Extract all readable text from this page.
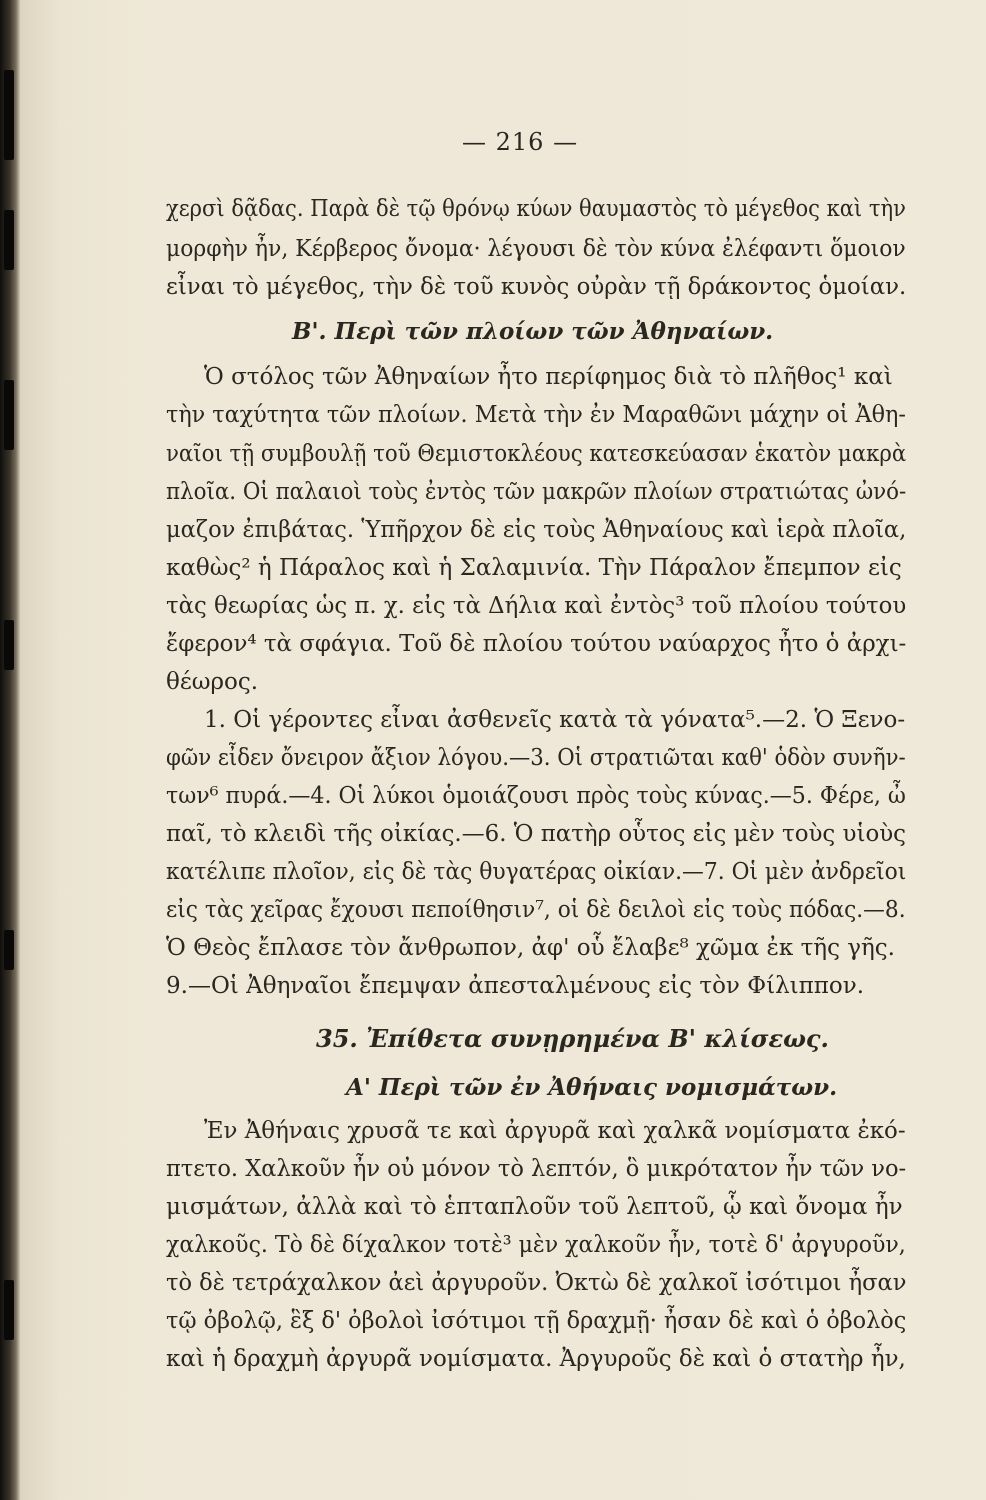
— 216 —
χερσὶ δᾷδας. Παρὰ δὲ τῷ θρόνῳ κύων θαυμαστὸς τὸ μέγεθος καὶ τὴν
μορφὴν ἦν, Κέρβερος ὄνομα· λέγουσι δὲ τὸν κύνα ἐλέφαντι ὅμοιον
εἶναι τὸ μέγεθος, τὴν δὲ τοῦ κυνὸς οὐρὰν τῇ δράκοντος ὁμοίαν.
Β'. Περὶ τῶν πλοίων τῶν Ἀθηναίων.
Ὁ στόλος τῶν Ἀθηναίων ἦτο περίφημος διὰ τὸ πλῆθος¹ καὶ
τὴν ταχύτητα τῶν πλοίων. Μετὰ τὴν ἐν Μαραθῶνι μάχην οἱ Ἀθη-
ναῖοι τῇ συμβουλῇ τοῦ Θεμιστοκλέους κατεσκεύασαν ἑκατὸν μακρὰ
πλοῖα. Οἱ παλαιοὶ τοὺς ἐντὸς τῶν μακρῶν πλοίων στρατιώτας ὠνό-
μαζον ἐπιβάτας. Ὑπῆρχον δὲ εἰς τοὺς Ἀθηναίους καὶ ἱερὰ πλοῖα,
καθὼς² ἡ Πάραλος καὶ ἡ Σαλαμινία. Τὴν Πάραλον ἔπεμπον εἰς
τὰς θεωρίας ὡς π. χ. εἰς τὰ Δήλια καὶ ἐντὸς³ τοῦ πλοίου τούτου
ἔφερον⁴ τὰ σφάγια. Τοῦ δὲ πλοίου τούτου ναύαρχος ἦτο ὁ ἀρχι-
θέωρος.
1. Οἱ γέροντες εἶναι ἀσθενεῖς κατὰ τὰ γόνατα⁵.—2. Ὁ Ξενο-
φῶν εἶδεν ὄνειρον ἄξιον λόγου.—3. Οἱ στρατιῶται καθ' ὁδὸν συνῆν-
των⁶ πυρά.—4. Οἱ λύκοι ὁμοιάζουσι πρὸς τοὺς κύνας.—5. Φέρε, ὦ
παῖ, τὸ κλειδὶ τῆς οἰκίας.—6. Ὁ πατὴρ οὗτος εἰς μὲν τοὺς υἱοὺς
κατέλιπε πλοῖον, εἰς δὲ τὰς θυγατέρας οἰκίαν.—7. Οἱ μὲν ἀνδρεῖοι
εἰς τὰς χεῖρας ἔχουσι πεποίθησιν⁷, οἱ δὲ δειλοὶ εἰς τοὺς πόδας.—8.
Ὁ Θεὸς ἔπλασε τὸν ἄνθρωπον, ἀφ' οὗ ἔλαβε⁸ χῶμα ἐκ τῆς γῆς.
9.—Οἱ Ἀθηναῖοι ἔπεμψαν ἀπεσταλμένους εἰς τὸν Φίλιππον.
35. Ἐπίθετα συνῃρημένα Β' κλίσεως.
Α' Περὶ τῶν ἐν Ἀθήναις νομισμάτων.
Ἐν Ἀθήναις χρυσᾶ τε καὶ ἀργυρᾶ καὶ χαλκᾶ νομίσματα ἐκό-
πτετο. Χαλκοῦν ἦν οὐ μόνον τὸ λεπτόν, ὃ μικρότατον ἦν τῶν νο-
μισμάτων, ἀλλὰ καὶ τὸ ἑπταπλοῦν τοῦ λεπτοῦ, ᾧ καὶ ὄνομα ἦν
χαλκοῦς. Τὸ δὲ δίχαλκον τοτὲ³ μὲν χαλκοῦν ἦν, τοτὲ δ' ἀργυροῦν,
τὸ δὲ τετράχαλκον ἀεὶ ἀργυροῦν. Ὀκτὼ δὲ χαλκοῖ ἰσότιμοι ἦσαν
τῷ ὀβολῷ, ἓξ δ' ὀβολοὶ ἰσότιμοι τῇ δραχμῇ· ἦσαν δὲ καὶ ὁ ὀβολὸς
καὶ ἡ δραχμὴ ἀργυρᾶ νομίσματα. Ἀργυροῦς δὲ καὶ ὁ στατὴρ ἦν,
